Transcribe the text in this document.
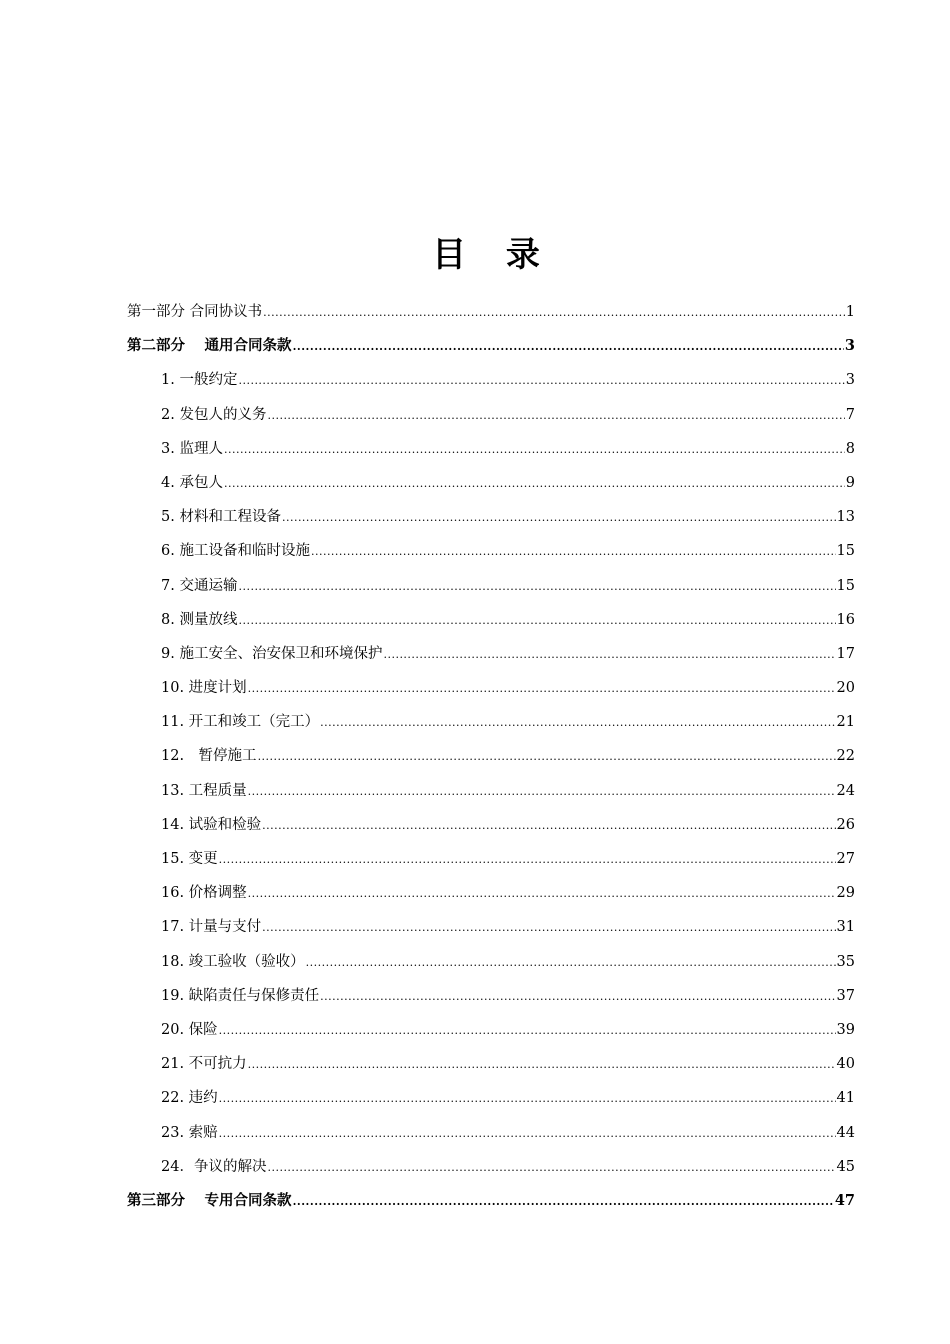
目 录
第一部分 合同协议书 .....	1
第二部分　 通用合同条款 .....	3
1. 一般约定 .....	3
2. 发包人的义务 .....	7
3. 监理人 .....	8
4. 承包人 .....	9
5. 材料和工程设备 .....	13
6. 施工设备和临时设施 .....	15
7. 交通运输 .....	15
8. 测量放线 .....	16
9. 施工安全、治安保卫和环境保护 .....	17
10. 进度计划 .....	20
11. 开工和竣工（完工） .....	21
12.　暂停施工 .....	22
13. 工程质量 .....	24
14. 试验和检验 .....	26
15. 变更 .....	27
16. 价格调整 .....	29
17. 计量与支付 .....	31
18. 竣工验收（验收） .....	35
19. 缺陷责任与保修责任 .....	37
20. 保险 .....	39
21. 不可抗力 .....	40
22. 违约 .....	41
23. 索赔 .....	44
24．争议的解决 .....	45
第三部分　 专用合同条款 .....	47
